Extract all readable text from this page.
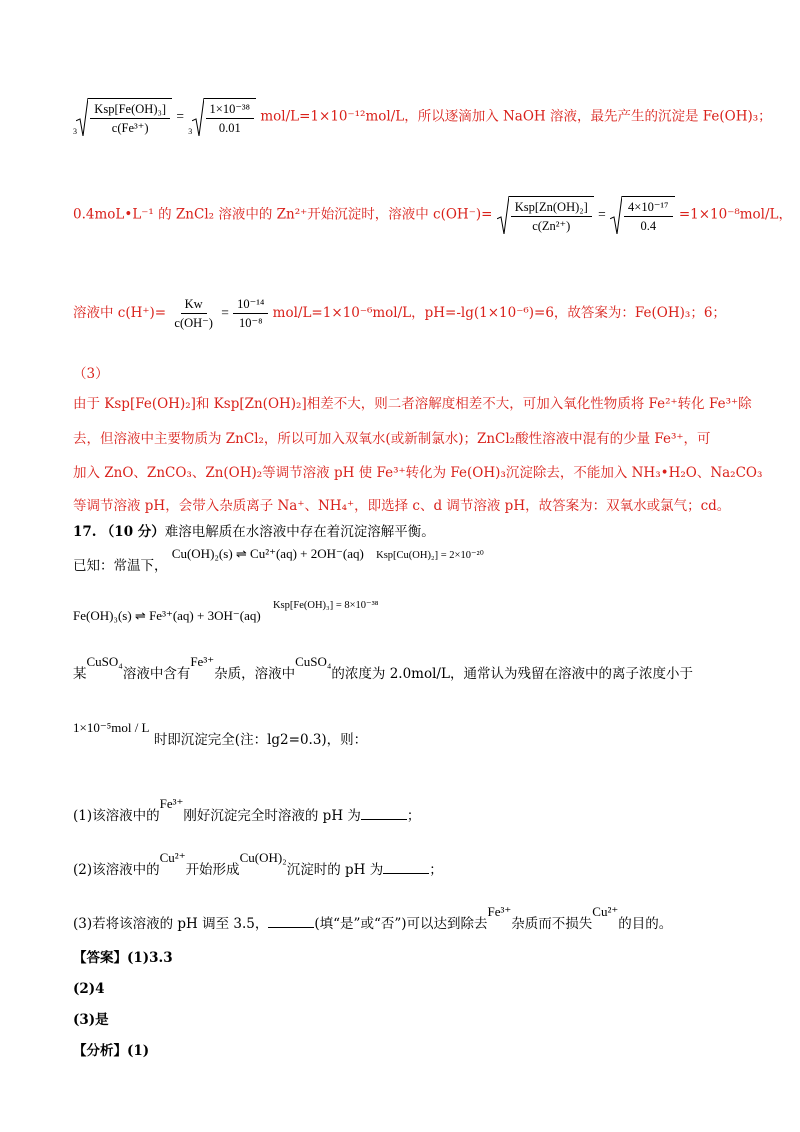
$_3 \frac{\text{Ksp[Fe(OH)₃]}}{\text{c(Fe³⁺)}} = _3 \frac{\text{1×10⁻³⁸}}{0.01} mol/L=1\times 10^{-12}mol/L$，所以逐滴加入 NaOH 溶液，最先产生的沉淀是 Fe(OH)₃；
0.4moL•L⁻¹ 的 ZnCl₂ 溶液中的 Zn²⁺开始沉淀时，溶液中 $c(OH^-)= \frac{\text{Ksp[Zn(OH)₂]}}{\text{c(Zn²⁺)}} = \frac{\text{4×10⁻¹⁷}}{0.4} =1\times 10^{-8}mol/L$，
溶液中 $c(H^+)= \frac{Kw}{c(OH^-)} = \frac{\text{10⁻¹⁴}}{\text{10⁻⁸}} mol/L=1\times 10^{-6}mol/L$，pH=-lg(1×10⁻⁶)=6，故答案为：Fe(OH)₃；6；
（3）
由于 Ksp[Fe(OH)₂]和 Ksp[Zn(OH)₂]相差不大，则二者溶解度相差不大，可加入氧化性物质将 Fe²⁺转化 Fe³⁺除
去，但溶液中主要物质为 ZnCl₂，所以可加入双氧水(或新制氯水)；ZnCl₂酸性溶液中混有的少量 Fe³⁺，可
加入 ZnO、ZnCO₃、Zn(OH)₂等调节溶液 pH 使 Fe³⁺转化为 Fe(OH)₃沉淀除去，不能加入 NH₃•H₂O、Na₂CO₃
等调节溶液 pH，会带入杂质离子 Na⁺、NH₄⁺，即选择 c、d 调节溶液 pH，故答案为：双氧水或氯气；cd。
17. （10 分）难溶电解质在水溶液中存在着沉淀溶解平衡。
已知：常温下， Cu(OH)₂(s) ⇌ Cu²⁺(aq) + 2OH⁻(aq) $^{Ksp[Cu(OH)_2] = 2\times 10^{-20}}$
Fe(OH)₃(s) ⇌ Fe³⁺(aq) + 3OH⁻(aq) $^{Ksp[Fe(OH)_3] = 8\times 10^{-38}}$
某CuSO₄溶液中含有Fe³⁺杂质，溶液中CuSO₄的浓度为 2.0mol/L，通常认为残留在溶液中的离子浓度小于
1×10⁻⁵mol / L 时即沉淀完全(注：lg2=0.3)，则：
(1)该溶液中的Fe³⁺刚好沉淀完全时溶液的 pH 为	；
(2)该溶液中的Cu²⁺开始形成Cu(OH)₂沉淀时的 pH 为	；
(3)若将该溶液的 pH 调至 3.5，	(填“是”或“否”)可以达到除去Fe³⁺杂质而不损失Cu²⁺的目的。
【答案】(1)3.3
(2)4
(3)是
【分析】(1)
